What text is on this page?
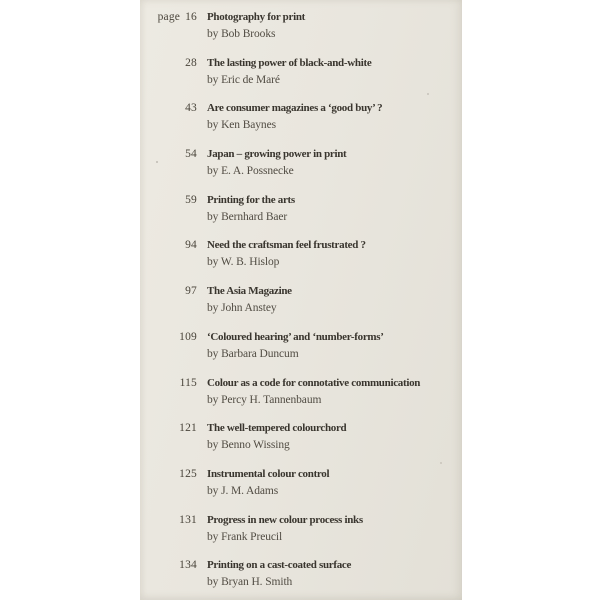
page 16 Photography for print
by Bob Brooks
28 The lasting power of black-and-white
by Eric de Maré
43 Are consumer magazines a ‘good buy’ ?
by Ken Baynes
54 Japan – growing power in print
by E. A. Possnecke
59 Printing for the arts
by Bernhard Baer
94 Need the craftsman feel frustrated ?
by W. B. Hislop
97 The Asia Magazine
by John Anstey
109 ‘Coloured hearing’ and ‘number-forms’
by Barbara Duncum
115 Colour as a code for connotative communication
by Percy H. Tannenbaum
121 The well-tempered colourchord
by Benno Wissing
125 Instrumental colour control
by J. M. Adams
131 Progress in new colour process inks
by Frank Preucil
134 Printing on a cast-coated surface
by Bryan H. Smith
